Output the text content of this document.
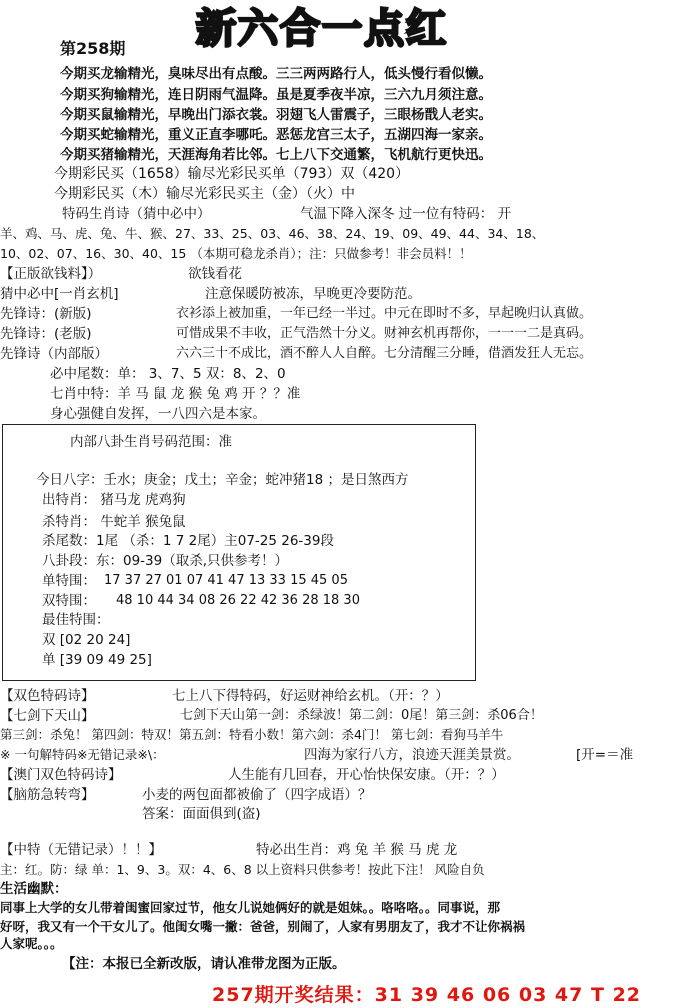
新六合一点红
第258期
今期买龙输精光，臭味尽出有点酸。三三两两路行人，低头慢行看似懒。
今期买狗输精光，连日阴雨气温降。虽是夏季夜半凉，三六九月须注意。
今期买鼠输精光，早晚出门添衣裳。羽翅飞人雷震子，三眼杨戬人老实。
今期买蛇输精光，重义正直李哪吒。恶惩龙宫三太子，五湖四海一家亲。
今期买猪输精光，天涯海角若比邻。七上八下交通繁，飞机航行更快迅。
今期彩民买（1658）输尽光彩民买单（793）双（420）
今期彩民买（木）输尽光彩民买主（金）（火）中
特码生肖诗（猜中必中）	气温下降入深冬 过一位有特码： 开
羊、鸡、马、虎、兔、牛、猴、27、33、25、03、46、38、24、19、09、49、44、34、18、
10、02、07、16、30、40、15 （本期可稳龙杀肖）；注：只做参考！非会员料！！
【正版欲钱料】）	欲钱看花
猜中必中[一肖玄机]	注意保暖防被冻，早晚更冷要防范。
先锋诗：(新版)	衣衫添上被加重，一年已经一半过。中元在即时不多，早起晚归认真做。
先锋诗：(老版)	可惜成果不丰收，正气浩然十分义。财神玄机再帮你，一一一二是真码。
先锋诗（内部版）	六六三十不成比，酒不醉人人自醉。七分清醒三分睡，借酒发狂人无忘。
必中尾数：单： 3、7、5 双：8、2、0
七肖中特：羊 马 鼠 龙 猴 兔 鸡 开 ？？准
身心强健自发挥，一八四六是本家。
内部八卦生肖号码范围：准
今日八字：壬水；庚金；戊土；辛金；蛇冲猪18 ；是日煞西方
出特肖： 猪马龙 虎鸡狗
杀特肖： 牛蛇羊 猴兔鼠
杀尾数：1尾 （杀：1 7 2尾）主07-25 26-39段
八卦段：东：09-39（取杀,只供参考！）
单特围： 17 37 27 01 07 41 47 13 33 15 45 05
双特围： 48 10 44 34 08 26 22 42 36 28 18 30
最佳特围：
双 [02 20 24]
单 [39 09 49 25]
【双色特码诗】	七上八下得特码，好运财神给玄机。（开：？）
【七剑下天山】	七剑下天山第一剑：杀绿波！第二剑：0尾！第三剑：杀06合！
第三剑：杀兔！ 第四剑：特双！第五剑：特看小数！第六剑：杀4门！ 第七剑：看狗马羊牛
※ 一句解特码※无错记录※\：	四海为家行八方，浪迹天涯美景赏。	[开=＝准
【澳门双色特码诗】	人生能有几回春，开心怡快保安康。（开：？）
【脑筋急转弯】	小麦的两包面都被偷了（四字成语）？
答案：面面俱到(盗)
【中特（无错记录）！！】	特必出生肖：鸡 兔 羊 猴 马 虎 龙
主：红。防：绿 单：1、9、3。双：4、6、8 以上资料只供参考！按此下注！ 风险自负
生活幽默：
同事上大学的女儿带着闺蜜回家过节，他女儿说她俩好的就是姐妹。。咯咯咯。。同事说，那
好呀，我又有一个干女儿了。他闺女嘴一撇：爸爸，别闹了，人家有男朋友了，我才不让你祸祸
人家呢。。。
【注：本报已全新改版，请认准带龙图为正版。
257期开奖结果：31 39 46 06 03 47 T 22
